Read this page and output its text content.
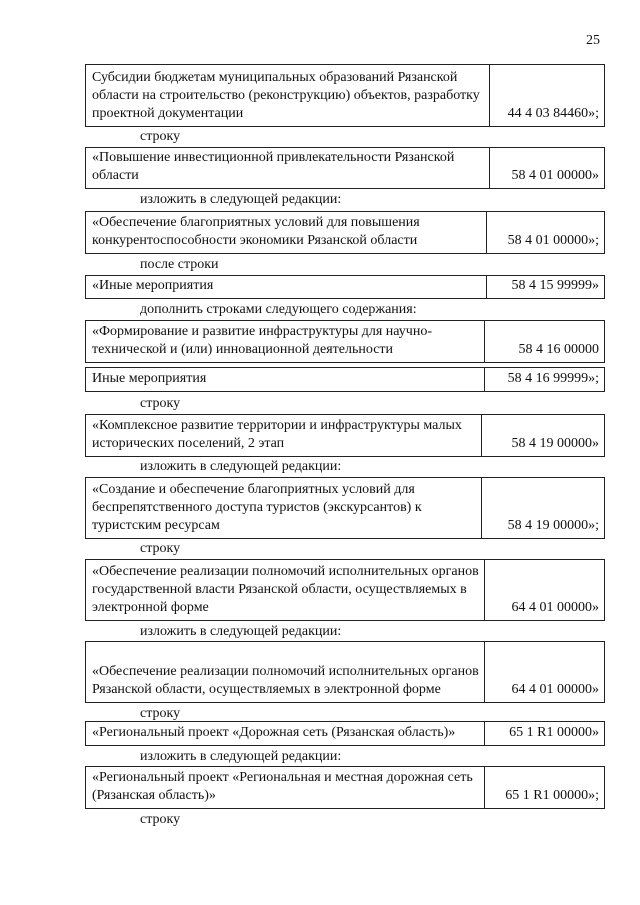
25
Субсидии бюджетам муниципальных образований Рязанской области на строительство (реконструкцию) объектов, разработку проектной документации	44 4 03 84460»;
строку
«Повышение инвестиционной привлекательности Рязанской области	58 4 01 00000»
изложить в следующей редакции:
«Обеспечение благоприятных условий для повышения конкурентоспособности экономики Рязанской области	58 4 01 00000»;
после строки
«Иные мероприятия	58 4 15 99999»
дополнить строками следующего содержания:
«Формирование и развитие инфраструктуры для научно-технической и (или) инновационной деятельности	58 4 16 00000
Иные мероприятия	58 4 16 99999»;
строку
«Комплексное развитие территории и инфраструктуры малых исторических поселений, 2 этап	58 4 19 00000»
изложить в следующей редакции:
«Создание и обеспечение благоприятных условий для беспрепятственного доступа туристов (экскурсантов) к туристским ресурсам	58 4 19 00000»;
строку
«Обеспечение реализации полномочий исполнительных органов государственной власти Рязанской области, осуществляемых в электронной форме	64 4 01 00000»
изложить в следующей редакции:
«Обеспечение реализации полномочий исполнительных органов Рязанской области, осуществляемых в электронной форме	64 4 01 00000»
строку
«Региональный проект «Дорожная сеть (Рязанская область)»	65 1 R1 00000»
изложить в следующей редакции:
«Региональный проект «Региональная и местная дорожная сеть (Рязанская область)»	65 1 R1 00000»;
строку
